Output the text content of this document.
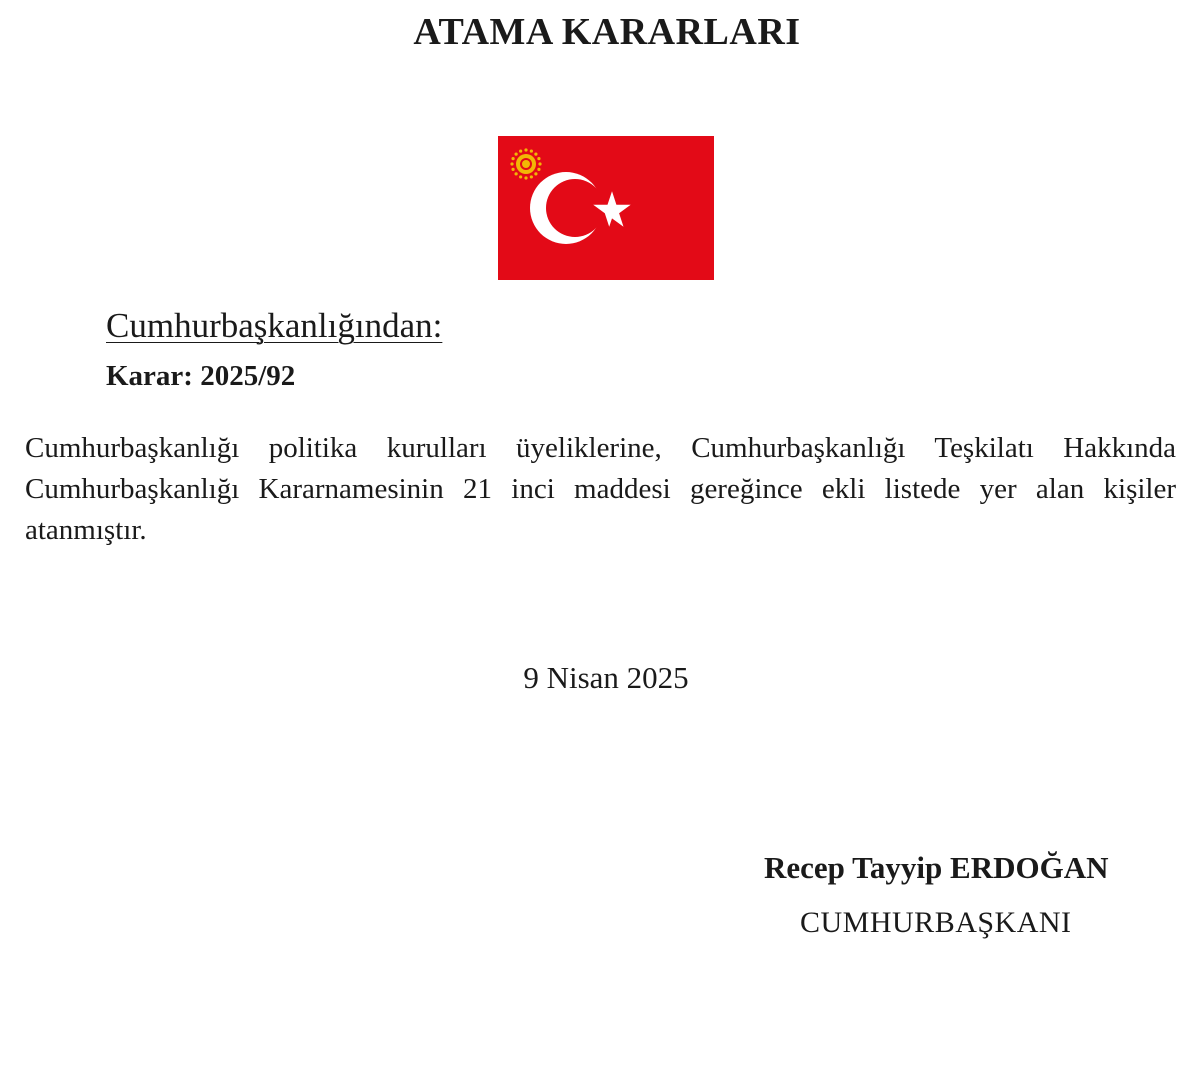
ATAMA KARARLARI
Cumhurbaşkanlığından:
Karar: 2025/92

Cumhurbaşkanlığı politika kurulları üyeliklerine, Cumhurbaşkanlığı Teşkilatı Hakkında Cumhurbaşkanlığı Kararnamesinin 21 inci maddesi gereğince ekli listede yer alan kişiler atanmıştır.

9 Nisan 2025
Recep Tayyip ERDOĞAN
CUMHURBAŞKANI
